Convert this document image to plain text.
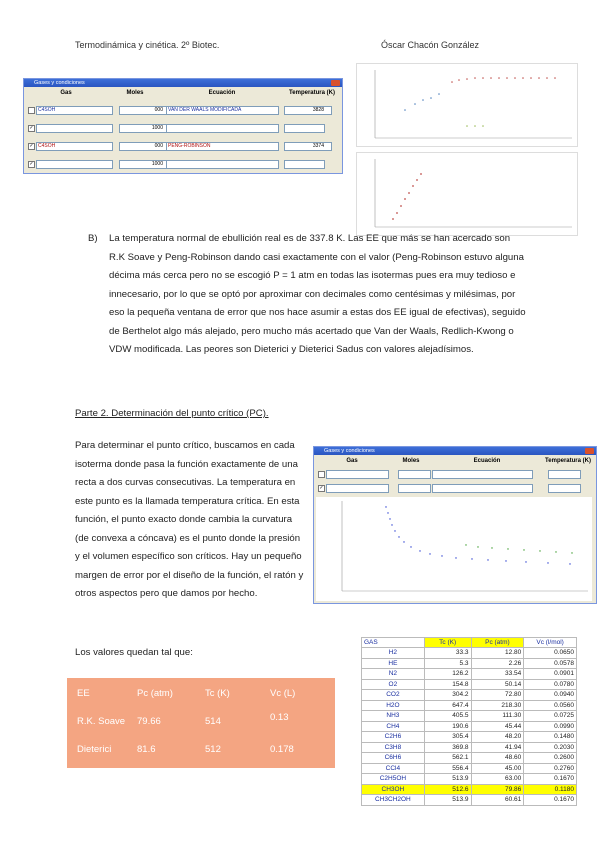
Termodinámica y cinética. 2º Biotec.	Óscar Chacón González
Gases y condiciones
Gas	Moles	Ecuación	Temperatura (K)
C4SOH	000	VAN DER WAALS MODIFICADA	3828
✓	1000
✓ C4SOH	000	PENG-ROBINSON	3374
✓	1000
B) La temperatura normal de ebullición real es de 337.8 K. Las EE que más se han acercado son R.K Soave y Peng-Robinson dando casi exactamente con el valor (Peng-Robinson estuvo alguna décima más cerca pero no se escogió P = 1 atm en todas las isotermas pues era muy tedioso e innecesario, por lo que se optó por aproximar con decimales como centésimas y milésimas, por eso la pequeña ventana de error que nos hace asumir a estas dos EE igual de efectivas), seguido de Berthelot algo más alejado, pero mucho más acertado que Van der Waals, Redlich-Kwong o VDW modificada. Las peores son Dieterici y Dieterici Sadus con valores alejadísimos.
Parte 2. Determinación del punto crítico (PC).
Para determinar el punto crítico, buscamos en cada isoterma donde pasa la función exactamente de una recta a dos curvas consecutivas. La temperatura en este punto es la llamada temperatura crítica. En esta función, el punto exacto donde cambia la curvatura (de convexa a cóncava) es el punto donde la presión y el volumen específico son críticos. Hay un pequeño margen de error por el diseño de la función, el ratón y otros aspectos pero que damos por hecho.
Gases y condiciones
Gas	Moles	Ecuación	Temperatura (K)
✓
Los valores quedan tal que:
EE	Pc (atm)	Tc (K)	Vc (L)
R.K. Soave 79.66	514	0.13
Dieterici	81.6	512	0.178
GAS	Tc (K)	Pc (atm)	Vc (l/mol)
H2	33.3	12.80	0.0650
HE	5.3	2.26	0.0578
N2	126.2	33.54	0.0901
O2	154.8	50.14	0.0780
CO2	304.2	72.80	0.0940
H2O	647.4	218.30	0.0560
NH3	405.5	111.30	0.0725
CH4	190.6	45.44	0.0990
C2H6	305.4	48.20	0.1480
C3H8	369.8	41.94	0.2030
C6H6	562.1	48.60	0.2600
CCl4	556.4	45.00	0.2760
C2H5OH	513.9	63.00	0.1670
CH3OH	512.6	79.86	0.1180
CH3CH2OH	513.9	60.61	0.1670
